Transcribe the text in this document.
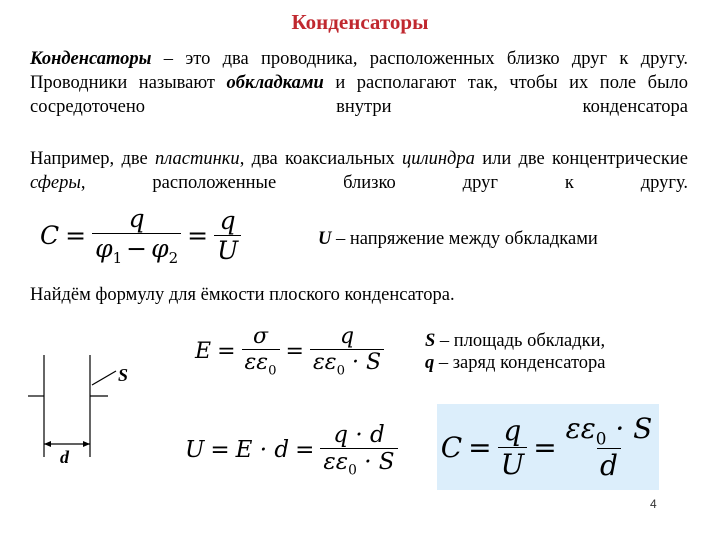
Конденсаторы
Конденсаторы – это два проводника, расположенных близко друг к другу. Проводники называют обкладками и располагают так, чтобы их поле было сосредоточено внутри конденсатора
Например, две пластинки, два коаксиальных цилиндра или две концентрические сферы, расположенные близко друг к другу.
$C = \frac{q}{\varphi_1 - \varphi_2} = \frac{q}{U}$	U – напряжение между обкладками
Найдём формулу для ёмкости плоского конденсатора.
S – площадь обкладки,
q – заряд конденсатора
S
d
$E = \frac{\sigma}{\varepsilon\varepsilon_0} = \frac{q}{\varepsilon\varepsilon_0 \cdot S}$
$U = E \cdot d = \frac{q \cdot d}{\varepsilon\varepsilon_0 \cdot S}$ $C = \frac{q}{U} = \frac{\varepsilon\varepsilon_0 \cdot S}{d}$
4
